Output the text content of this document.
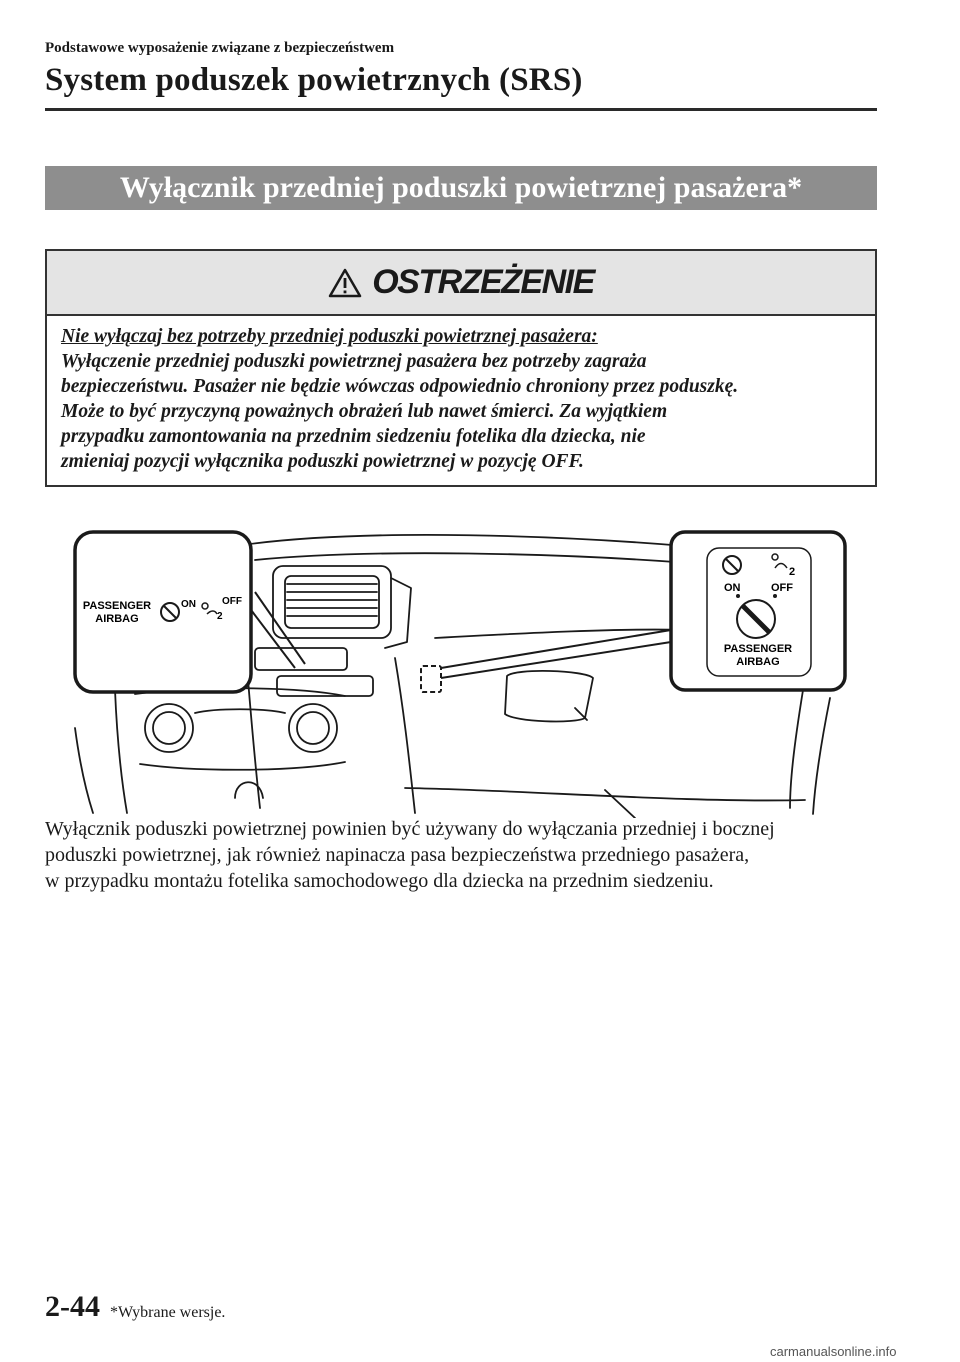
Podstawowe wyposażenie związane z bezpieczeństwem
System poduszek powietrznych (SRS)
Wyłącznik przedniej poduszki powietrznej pasażera*
OSTRZEŻENIE
Nie wyłączaj bez potrzeby przedniej poduszki powietrznej pasażera:
Wyłączenie przedniej poduszki powietrznej pasażera bez potrzeby zagraża
bezpieczeństwu. Pasażer nie będzie wówczas odpowiednio chroniony przez poduszkę.
Może to być przyczyną poważnych obrażeń lub nawet śmierci. Za wyjątkiem
przypadku zamontowania na przednim siedzeniu fotelika dla dziecka, nie
zmieniaj pozycji wyłącznika poduszki powietrznej w pozycję OFF.
PASSENGER
AIRBAG
ON	OFF
2
2
ON	OFF
PASSENGER
AIRBAG
Wyłącznik poduszki powietrznej powinien być używany do wyłączania przedniej i bocznej
poduszki powietrznej, jak również napinacza pasa bezpieczeństwa przedniego pasażera,
w przypadku montażu fotelika samochodowego dla dziecka na przednim siedzeniu.
2-44 *Wybrane wersje.
carmanualsonline.info
